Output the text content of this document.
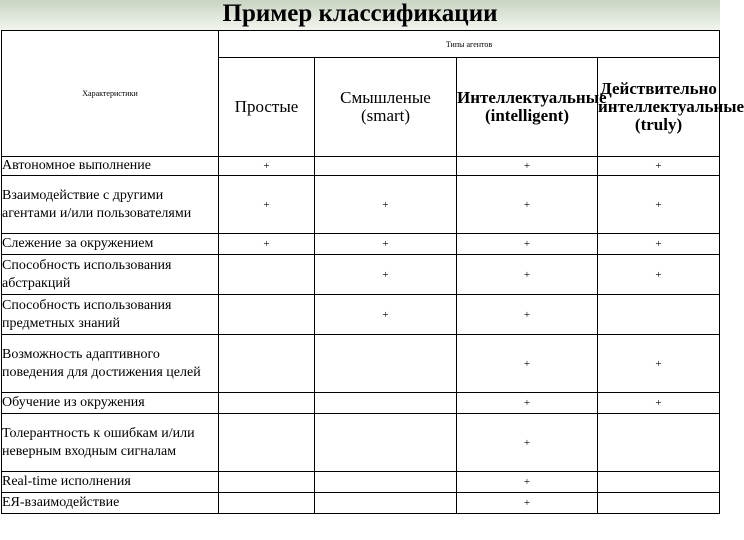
Пример классификации
Характеристики	Типы агентов			
	Простые	Смышленые (smart)	Интеллектуальные (intelligent)	Действительно интеллектуальные (truly)
Автономное выполнение	+		+	+
Взаимодействие с другими агентами и/или пользователями	+	+	+	+
Слежение за окружением	+	+	+	+
Способность использования абстракций		+	+	+
Способность использования предметных знаний		+	+	
Возможность адаптивного поведения для достижения целей			+	+
Обучение из окружения			+	+
Толерантность к ошибкам и/или неверным входным сигналам			+	
Real-time исполнения			+	
ЕЯ-взаимодействие			+	
